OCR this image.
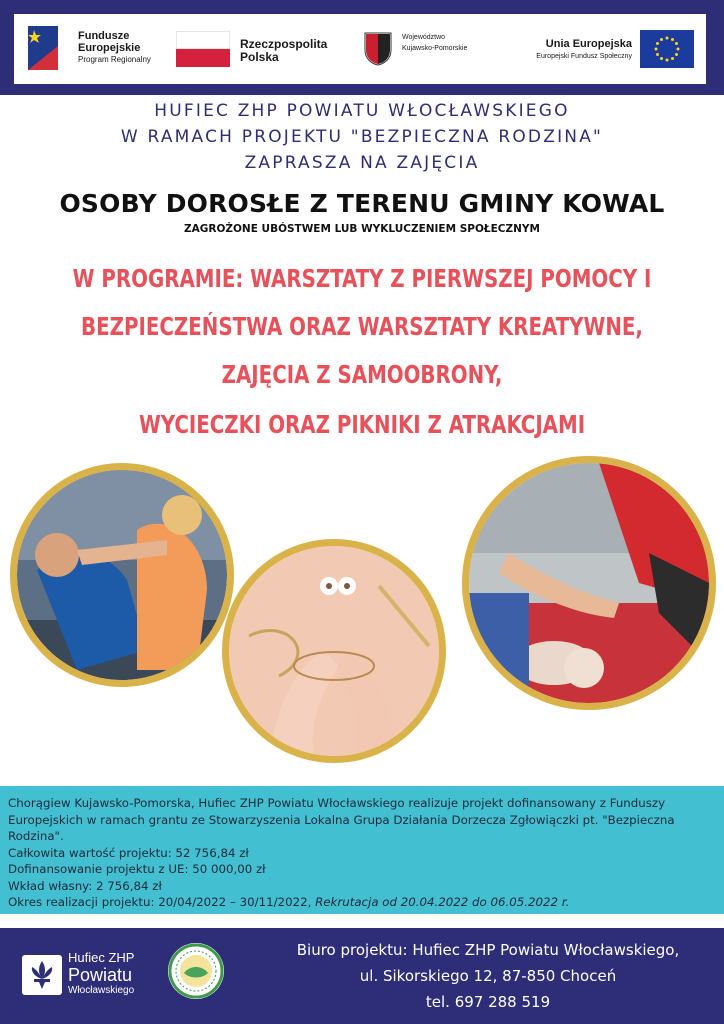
Fundusze
Europejskie
Program Regionalny
Rzeczpospolita
Polska
Województwo
Kujawsko-Pomorskie	Unia Europejska
Europejski Fundusz Społeczny
HUFIEC ZHP POWIATU WŁOCŁAWSKIEGO
W RAMACH PROJEKTU "BEZPIECZNA RODZINA"
ZAPRASZA NA ZAJĘCIA
OSOBY DOROSŁE Z TERENU GMINY KOWAL
ZAGROŻONE UBÓSTWEM LUB WYKLUCZENIEM SPOŁECZNYM
W PROGRAMIE: WARSZTATY Z PIERWSZEJ POMOCY I
BEZPIECZEŃSTWA ORAZ WARSZTATY KREATYWNE,
ZAJĘCIA Z SAMOOBRONY,
WYCIECZKI ORAZ PIKNIKI Z ATRAKCJAMI

Chorągiew Kujawsko-Pomorska, Hufiec ZHP Powiatu Włocławskiego realizuje projekt dofinansowany z Funduszy Europejskich w ramach grantu ze Stowarzyszenia Lokalna Grupa Działania Dorzecza Zgłowiączki pt. "Bezpieczna Rodzina".

Całkowita wartość projektu: 52 756,84 zł

Dofinansowanie projektu z UE: 50 000,00 zł

Wkład własny: 2 756,84 zł

Okres realizacji projektu: 20/04/2022 – 30/11/2022, Rekrutacja od 20.04.2022 do 06.05.2022 r.

Hufiec ZHP
Powiatu
Włocławskiego
Biuro projektu: Hufiec ZHP Powiatu Włocławskiego,
ul. Sikorskiego 12, 87-850 Choceń
tel. 697 288 519
